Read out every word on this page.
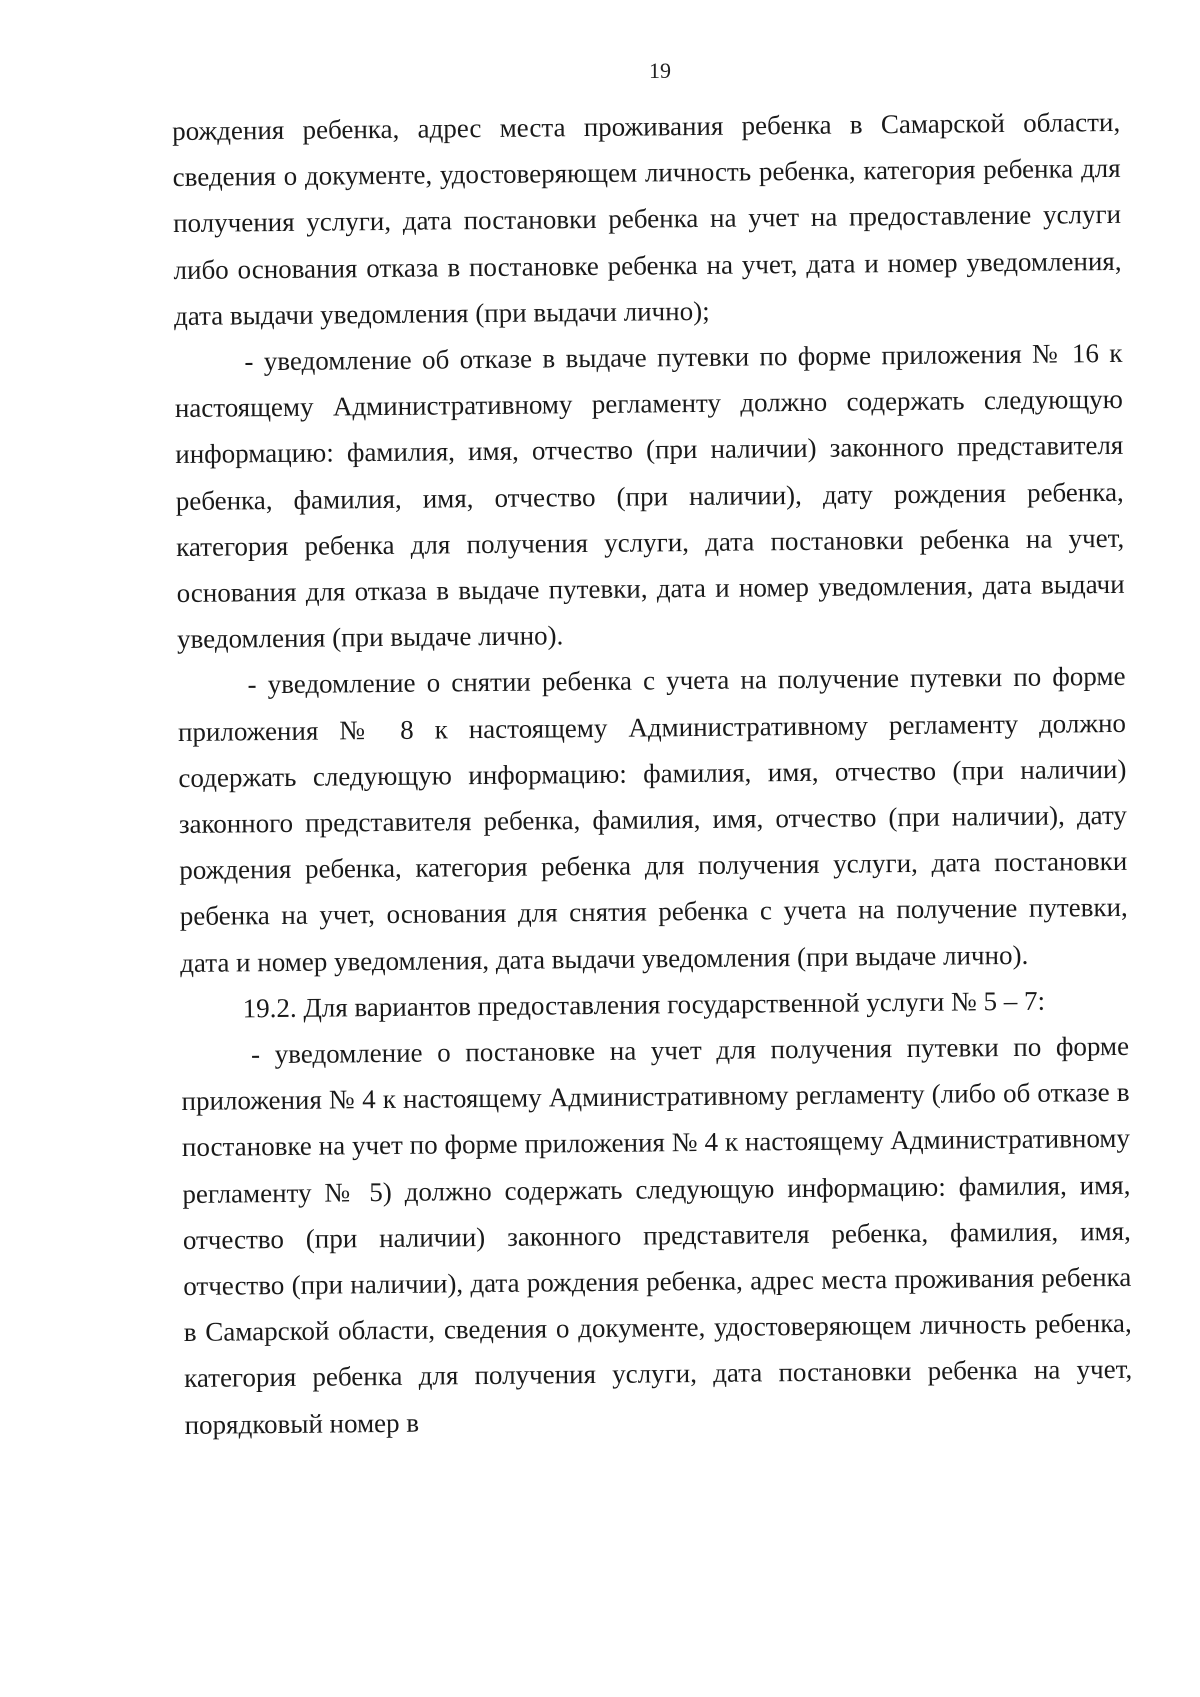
19

рождения ребенка, адрес места проживания ребенка в Самарской области, сведения о документе, удостоверяющем личность ребенка, категория ребенка для получения услуги, дата постановки ребенка на учет на предоставление услуги либо основания отказа в постановке ребенка на учет, дата и номер уведомления, дата выдачи уведомления (при выдачи лично);

- уведомление об отказе в выдаче путевки по форме приложения № 16 к настоящему Административному регламенту должно содержать следующую информацию: фамилия, имя, отчество (при наличии) законного представителя ребенка, фамилия, имя, отчество (при наличии), дату рождения ребенка, категория ребенка для получения услуги, дата постановки ребенка на учет, основания для отказа в выдаче путевки, дата и номер уведомления, дата выдачи уведомления (при выдаче лично).

- уведомление о снятии ребенка с учета на получение путевки по форме приложения № 8 к настоящему Административному регламенту должно содержать следующую информацию: фамилия, имя, отчество (при наличии) законного представителя ребенка, фамилия, имя, отчество (при наличии), дату рождения ребенка, категория ребенка для получения услуги, дата постановки ребенка на учет, основания для снятия ребенка с учета на получение путевки, дата и номер уведомления, дата выдачи уведомления (при выдаче лично).

19.2. Для вариантов предоставления государственной услуги № 5 – 7:

- уведомление о постановке на учет для получения путевки по форме приложения № 4 к настоящему Административному регламенту (либо об отказе в постановке на учет по форме приложения № 4 к настоящему Административному регламенту № 5) должно содержать следующую информацию: фамилия, имя, отчество (при наличии) законного представителя ребенка, фамилия, имя, отчество (при наличии), дата рождения ребенка, адрес места проживания ребенка в Самарской области, сведения о документе, удостоверяющем личность ребенка, категория ребенка для получения услуги, дата постановки ребенка на учет, порядковый номер в
